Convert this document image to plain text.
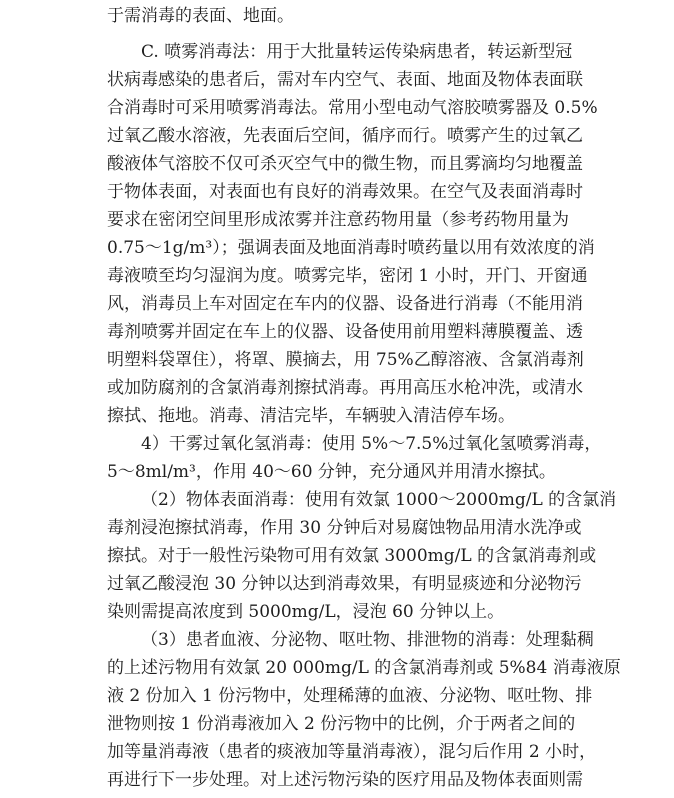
于需消毒的表面、地面。
C. 喷雾消毒法：用于大批量转运传染病患者，转运新型冠
状病毒感染的患者后，需对车内空气、表面、地面及物体表面联
合消毒时可采用喷雾消毒法。常用小型电动气溶胶喷雾器及 0.5%
过氧乙酸水溶液，先表面后空间，循序而行。喷雾产生的过氧乙
酸液体气溶胶不仅可杀灭空气中的微生物，而且雾滴均匀地覆盖
于物体表面，对表面也有良好的消毒效果。在空气及表面消毒时
要求在密闭空间里形成浓雾并注意药物用量（参考药物用量为
0.75～1g/m³）；强调表面及地面消毒时喷药量以用有效浓度的消
毒液喷至均匀湿润为度。喷雾完毕，密闭 1 小时，开门、开窗通
风，消毒员上车对固定在车内的仪器、设备进行消毒（不能用消
毒剂喷雾并固定在车上的仪器、设备使用前用塑料薄膜覆盖、透
明塑料袋罩住），将罩、膜摘去，用 75%乙醇溶液、含氯消毒剂
或加防腐剂的含氯消毒剂擦拭消毒。再用高压水枪冲洗，或清水
擦拭、拖地。消毒、清洁完毕，车辆驶入清洁停车场。
4）干雾过氧化氢消毒：使用 5%～7.5%过氧化氢喷雾消毒，
5～8ml/m³，作用 40～60 分钟，充分通风并用清水擦拭。
（2）物体表面消毒：使用有效氯 1000～2000mg/L 的含氯消
毒剂浸泡擦拭消毒，作用 30 分钟后对易腐蚀物品用清水洗净或
擦拭。对于一般性污染物可用有效氯 3000mg/L 的含氯消毒剂或
过氧乙酸浸泡 30 分钟以达到消毒效果，有明显痰迹和分泌物污
染则需提高浓度到 5000mg/L，浸泡 60 分钟以上。
（3）患者血液、分泌物、呕吐物、排泄物的消毒：处理黏稠
的上述污物用有效氯 20 000mg/L 的含氯消毒剂或 5%84 消毒液原
液 2 份加入 1 份污物中，处理稀薄的血液、分泌物、呕吐物、排
泄物则按 1 份消毒液加入 2 份污物中的比例，介于两者之间的
加等量消毒液（患者的痰液加等量消毒液），混匀后作用 2 小时，
再进行下一步处理。对上述污物污染的医疗用品及物体表面则需
